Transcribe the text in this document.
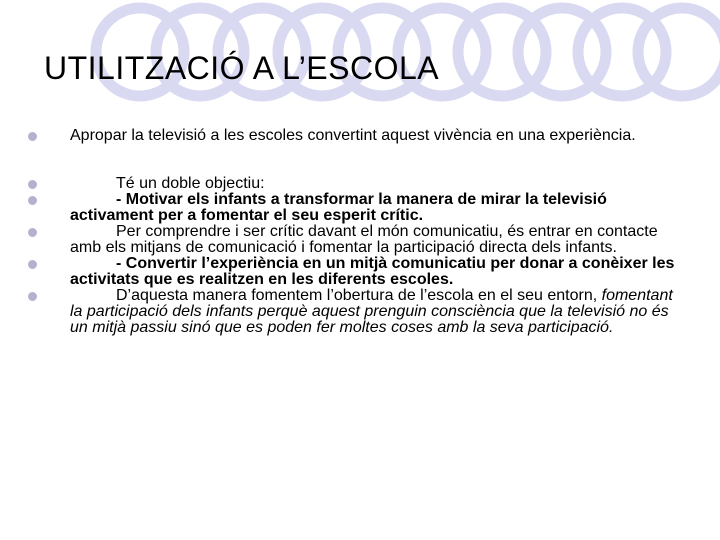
UTILITZACIÓ A L’ESCOLA
Apropar la televisió a les escoles convertint aquest vivència en una experiència.
Té un doble objectiu:
- Motivar els infants a transformar la manera de mirar la televisió activament per a fomentar el seu esperit crític.
Per comprendre i ser crític davant el món comunicatiu, és entrar en contacte amb els mitjans de comunicació i fomentar la participació directa dels infants.
- Convertir l’experiència en un mitjà comunicatiu per donar a conèixer les activitats que es realitzen en les diferents escoles.
D’aquesta manera fomentem l’obertura de l’escola en el seu entorn, fomentant la participació dels infants perquè aquest prenguin consciència que la televisió no és un mitjà passiu sinó que es poden fer moltes coses amb la seva participació.
